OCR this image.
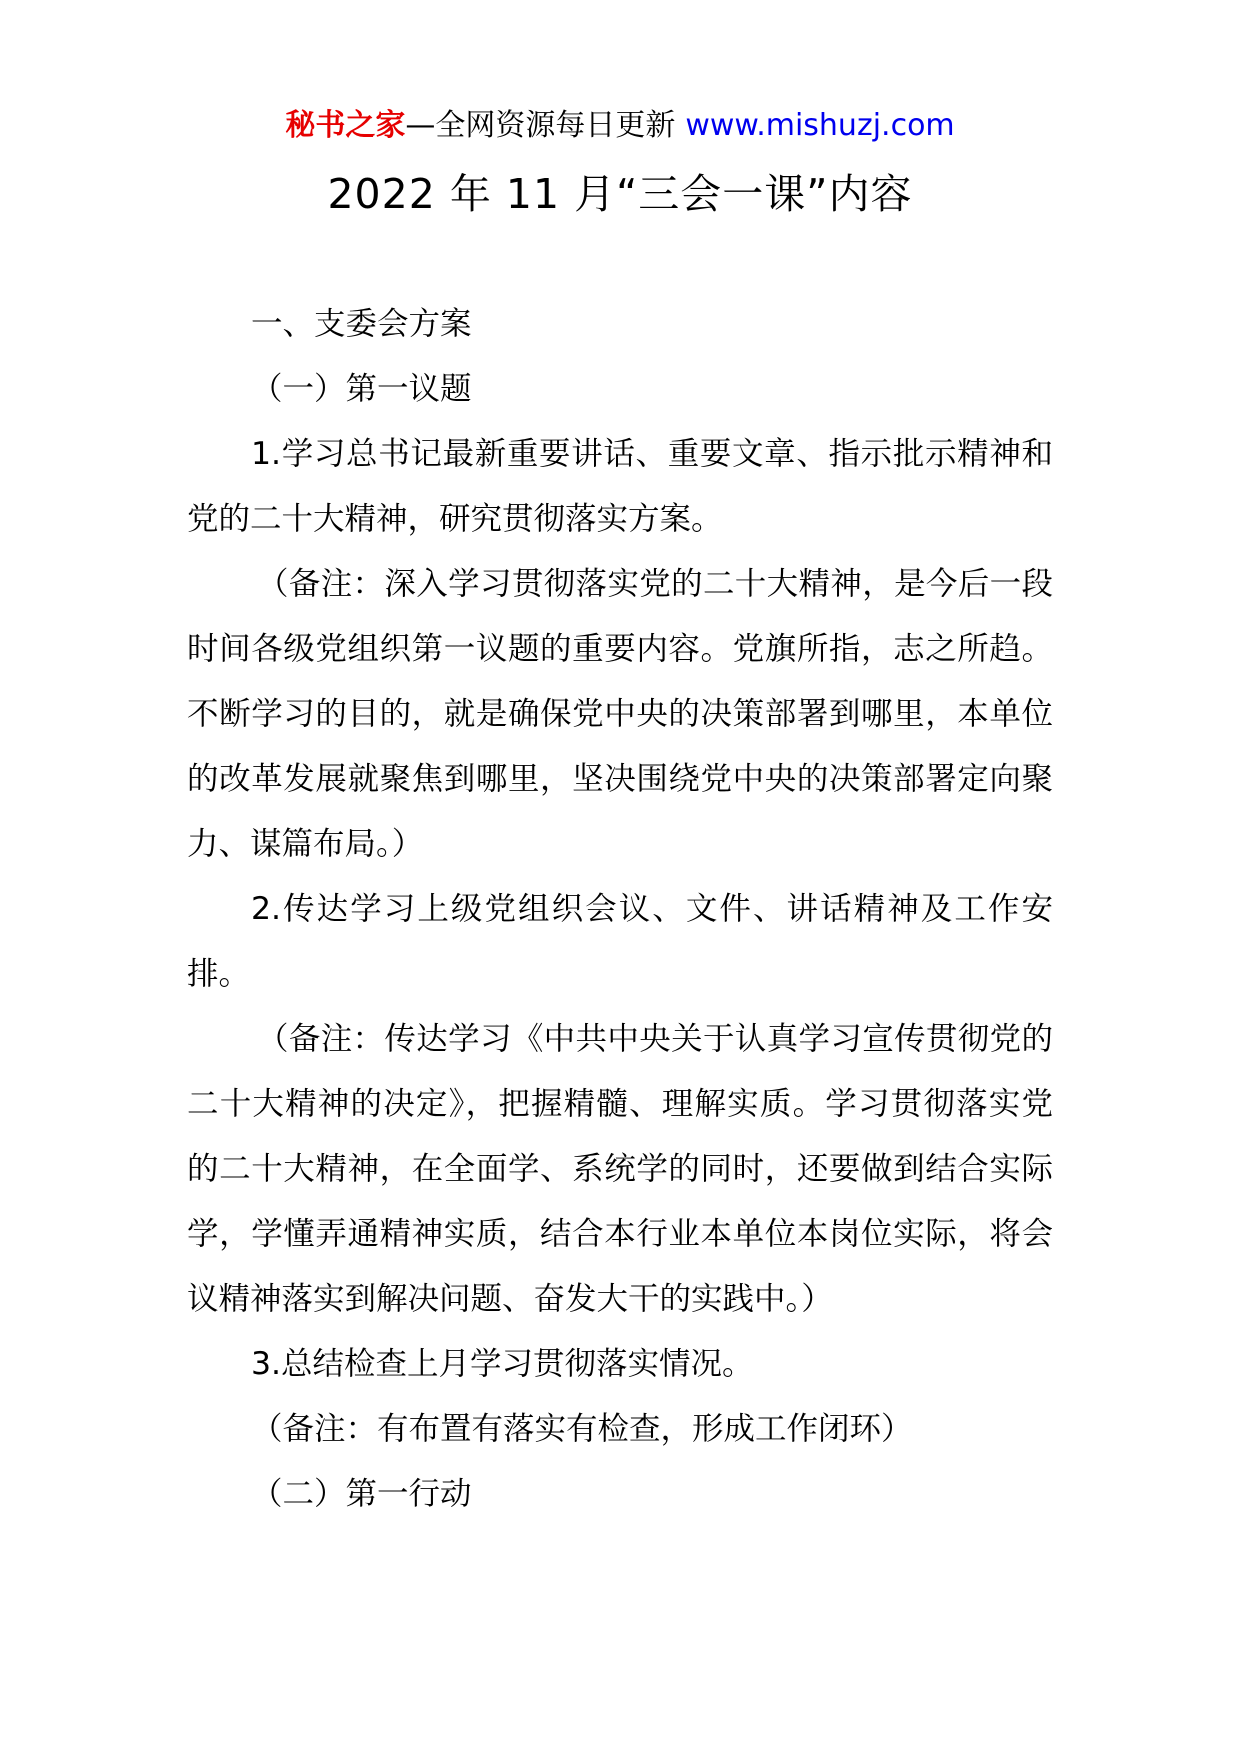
秘书之家—全网资源每日更新 www.mishuzj.com
2022 年 11 月“三会一课”内容

一、支委会方案

（一）第一议题

1.学习总书记最新重要讲话、重要文章、指示批示精神和党的二十大精神，研究贯彻落实方案。

（备注：深入学习贯彻落实党的二十大精神，是今后一段时间各级党组织第一议题的重要内容。党旗所指，志之所趋。不断学习的目的，就是确保党中央的决策部署到哪里，本单位的改革发展就聚焦到哪里，坚决围绕党中央的决策部署定向聚力、谋篇布局。）

2.传达学习上级党组织会议、文件、讲话精神及工作安排。

（备注：传达学习《中共中央关于认真学习宣传贯彻党的二十大精神的决定》，把握精髓、理解实质。学习贯彻落实党的二十大精神，在全面学、系统学的同时，还要做到结合实际学，学懂弄通精神实质，结合本行业本单位本岗位实际，将会议精神落实到解决问题、奋发大干的实践中。）

3.总结检查上月学习贯彻落实情况。

（备注：有布置有落实有检查，形成工作闭环）

（二）第一行动
